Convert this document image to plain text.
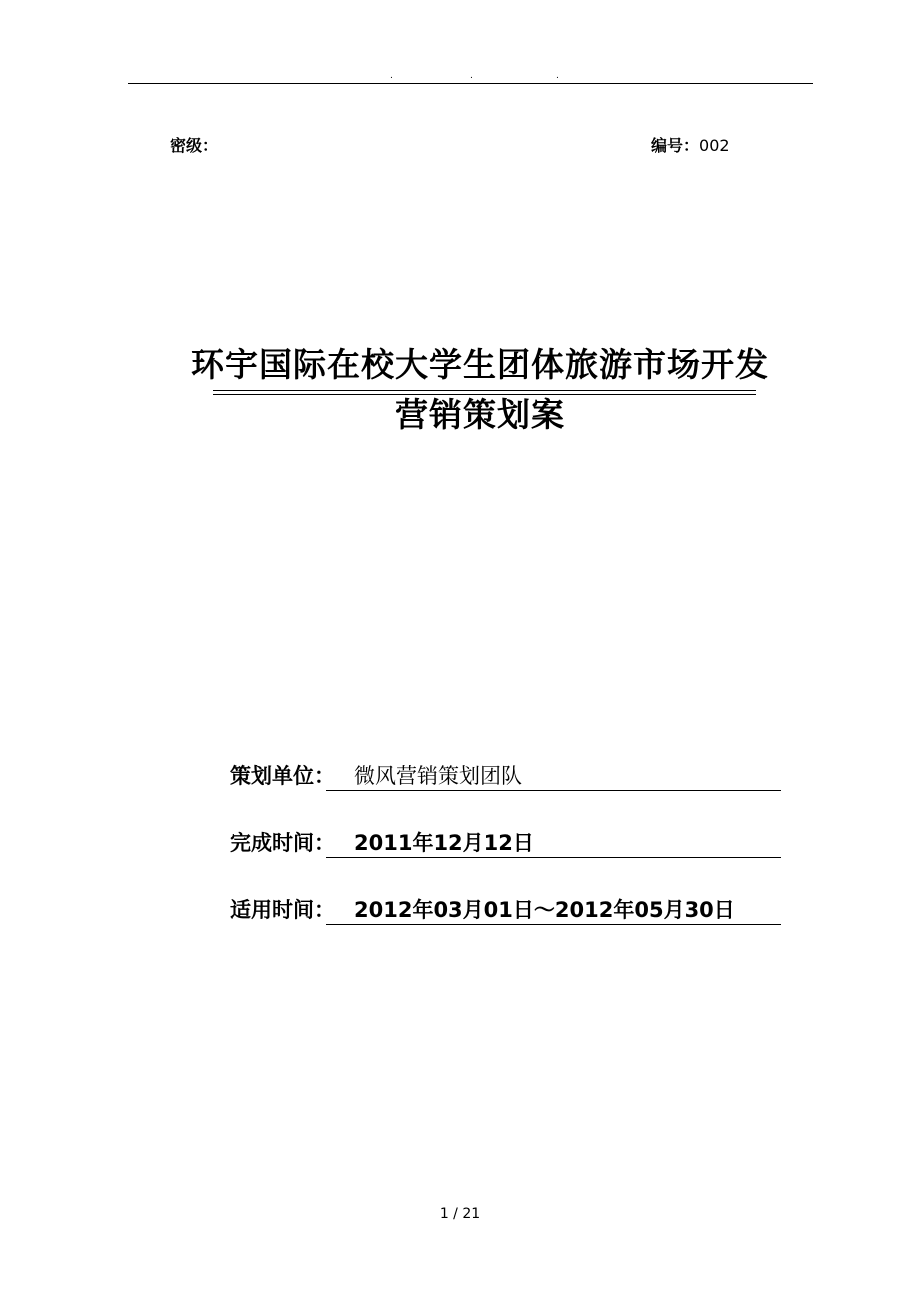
.	.	.
密级：	编号：002
环宇国际在校大学生团体旅游市场开发
营销策划案
策划单位： 微风营销策划团队
完成时间： 2011年12月12日
适用时间： 2012年03月01日～2012年05月30日
1 / 21
